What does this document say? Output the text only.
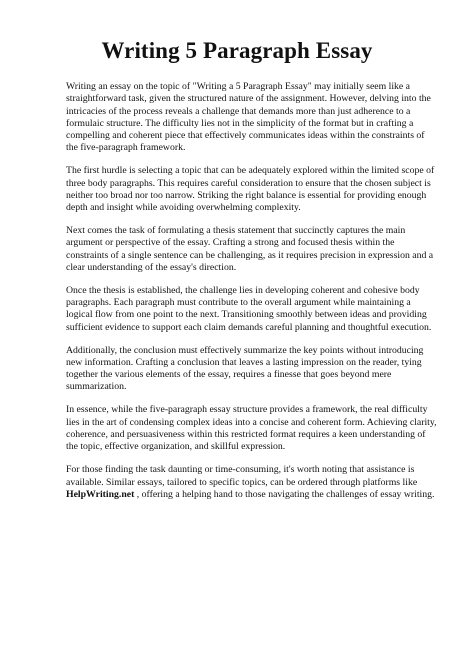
Writing 5 Paragraph Essay

Writing an essay on the topic of "Writing a 5 Paragraph Essay" may initially seem like a straightforward task, given the structured nature of the assignment. However, delving into the intricacies of the process reveals a challenge that demands more than just adherence to a formulaic structure. The difficulty lies not in the simplicity of the format but in crafting a compelling and coherent piece that effectively communicates ideas within the constraints of the five-paragraph framework.

The first hurdle is selecting a topic that can be adequately explored within the limited scope of three body paragraphs. This requires careful consideration to ensure that the chosen subject is neither too broad nor too narrow. Striking the right balance is essential for providing enough depth and insight while avoiding overwhelming complexity.

Next comes the task of formulating a thesis statement that succinctly captures the main argument or perspective of the essay. Crafting a strong and focused thesis within the constraints of a single sentence can be challenging, as it requires precision in expression and a clear understanding of the essay's direction.

Once the thesis is established, the challenge lies in developing coherent and cohesive body paragraphs. Each paragraph must contribute to the overall argument while maintaining a logical flow from one point to the next. Transitioning smoothly between ideas and providing sufficient evidence to support each claim demands careful planning and thoughtful execution.

Additionally, the conclusion must effectively summarize the key points without introducing new information. Crafting a conclusion that leaves a lasting impression on the reader, tying together the various elements of the essay, requires a finesse that goes beyond mere summarization.

In essence, while the five-paragraph essay structure provides a framework, the real difficulty lies in the art of condensing complex ideas into a concise and coherent form. Achieving clarity, coherence, and persuasiveness within this restricted format requires a keen understanding of the topic, effective organization, and skillful expression.

For those finding the task daunting or time-consuming, it's worth noting that assistance is available. Similar essays, tailored to specific topics, can be ordered through platforms like HelpWriting.net , offering a helping hand to those navigating the challenges of essay writing.
